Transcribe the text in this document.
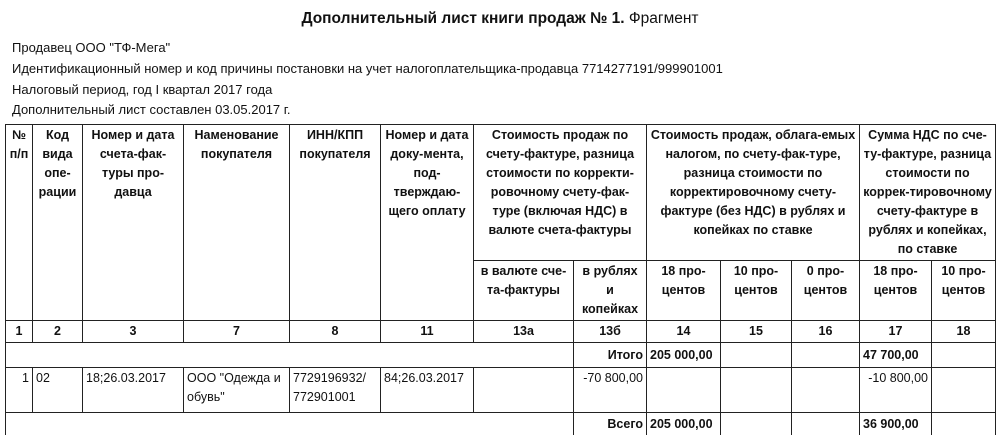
Дополнительный лист книги продаж № 1. Фрагмент
Продавец ООО "ТФ-Мега"
Идентификационный номер и код причины постановки на учет налогоплательщика-продавца 7714277191/999901001
Налоговый период, год I квартал 2017 года
Дополнительный лист составлен 03.05.2017 г.
№ п/п	Код вида опе-рации	Номер и дата счета-фак-туры про-давца	Наменование покупателя	ИНН/КПП покупателя	Номер и дата доку-мента, под-тверждаю-щего оплату	Стоимость продаж по счету-фактуре, разница стоимости по корректи-ровочному счету-фак-туре (включая НДС) в валюте счета-фактуры		Стоимость продаж, облага-емых налогом, по счету-фак-туре, разница стоимости по корректировочному счету-фактуре (без НДС) в рублях и копейках по ставке			Сумма НДС по сче-ту-фактуре, разница стоимости по коррек-тировочному счету-фактуре в рублях и копейках, по ставке	
						в валюте сче-та-фактуры	в рублях и копейках	18 про-центов	10 про-центов	0 про-центов	18 про-центов	10 про-центов
1	2	3	7	8	11	13а	13б	14	15	16	17	18
							Итого	205 000,00			47 700,00	
1	02	18;26.03.2017	ООО "Одежда и обувь"	7729196932/ 772901001	84;26.03.2017		-70 800,00				-10 800,00	
							Всего	205 000,00			36 900,00	
